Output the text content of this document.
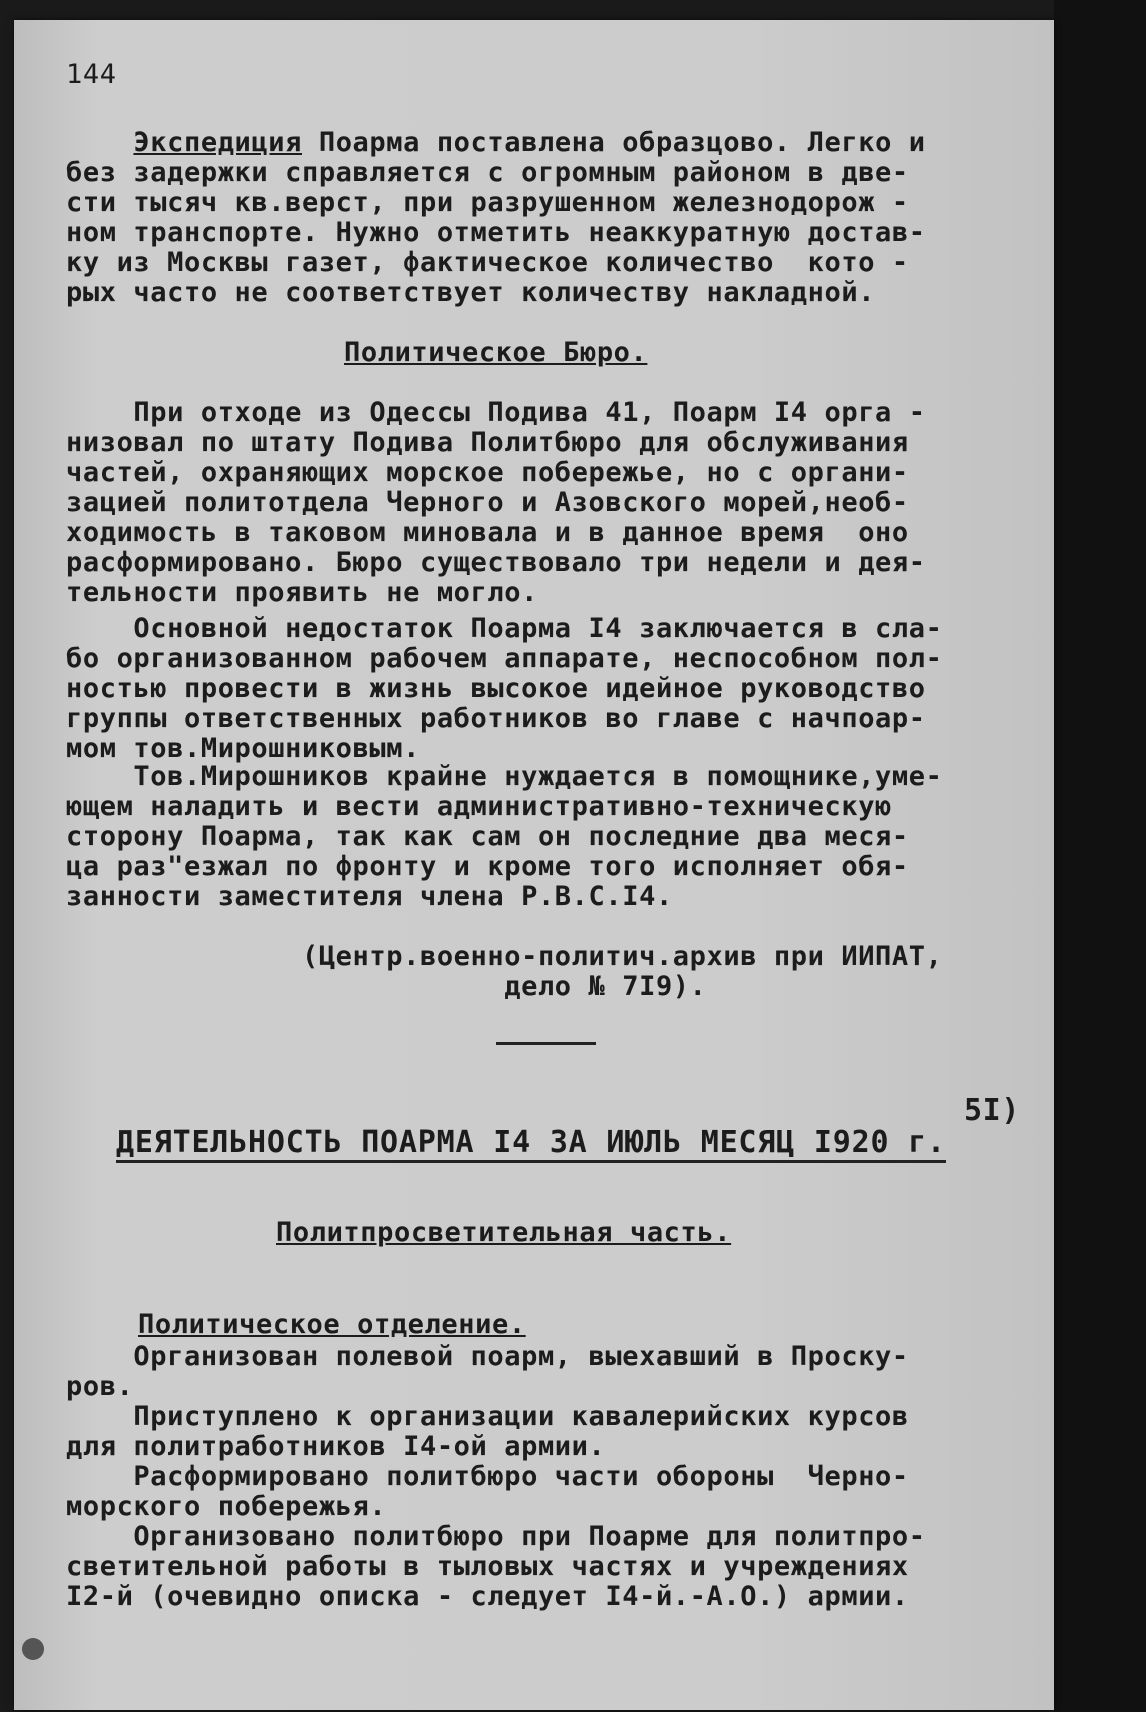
144

Экспедиция Поарма поставлена образцово. Легко и
без задержки справляется с огромным районом в две-
сти тысяч кв.верст, при разрушенном железнодорож -
ном транспорте. Нужно отметить неаккуратную достав-
ку из Москвы газет, фактическое количество  кото -
рых часто не соответствует количеству накладной.

Политическое Бюро.

При отходе из Одессы Подива 41, Поарм I4 орга -
низовал по штату Подива Политбюро для обслуживания
частей, охраняющих морское побережье, но с органи-
зацией политотдела Черного и Азовского морей,необ-
ходимость в таковом миновала и в данное время  оно
расформировано. Бюро существовало три недели и дея-
тельности проявить не могло.

Основной недостаток Поарма I4 заключается в сла-
бо организованном рабочем аппарате, неспособном пол-
ностью провести в жизнь высокое идейное руководство
группы ответственных работников во главе с начпоар-
мом тов.Мирошниковым.

Тов.Мирошников крайне нуждается в помощнике,уме-
ющем наладить и вести административно-техническую
сторону Поарма, так как сам он последние два меся-
ца раз"езжал по фронту и кроме того исполняет обя-
занности заместителя члена Р.В.С.I4.

(Центр.военно-политич.архив при ИИПАТ,
дело № 7I9).

5I)

ДЕЯТЕЛЬНОСТЬ ПОАРМА I4 ЗА ИЮЛЬ МЕСЯЦ I920 г.

Политпросветительная часть.

Политическое отделение.

Организован полевой поарм, выехавший в Проску-
ров.
Приступлено к организации кавалерийских курсов
для политработников I4-ой армии.
Расформировано политбюро части обороны  Черно-
морского побережья.
Организовано политбюро при Поарме для политпро-
светительной работы в тыловых частях и учреждениях
I2-й (очевидно описка - следует I4-й.-А.О.) армии.
